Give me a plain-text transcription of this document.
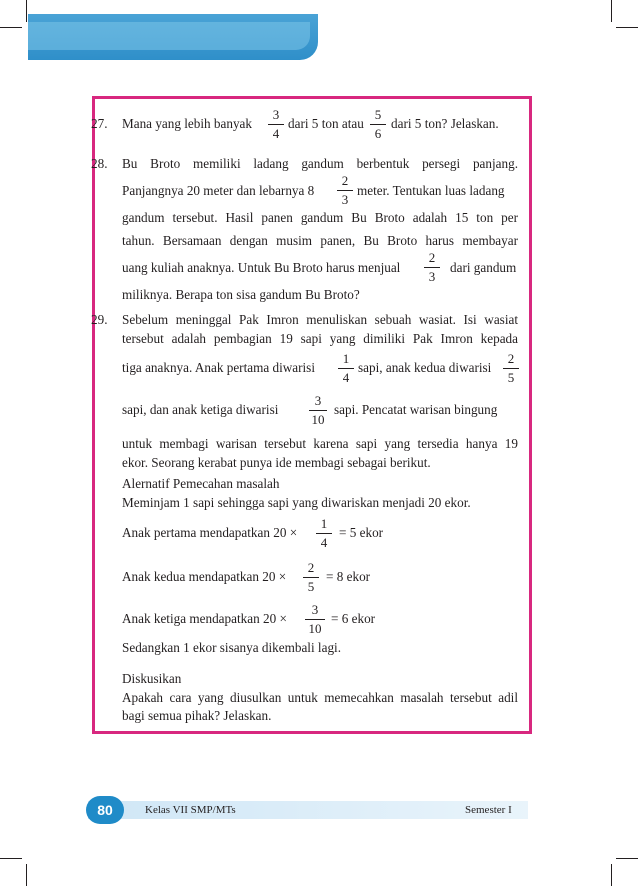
27. Mana yang lebih banyak $\frac{3}{4}$ dari 5 ton atau $\frac{5}{6}$ dari 5 ton? Jelaskan.
28. Bu Broto memiliki ladang gandum berbentuk persegi panjang.
Panjangnya 20 meter dan lebarnya $8 \frac{2}{3}$ meter. Tentukan luas ladang
gandum tersebut. Hasil panen gandum Bu Broto adalah 15 ton per
tahun. Bersamaan dengan musim panen, Bu Broto harus membayar
uang kuliah anaknya. Untuk Bu Broto harus menjual $\frac{2}{3}$ dari gandum
miliknya. Berapa ton sisa gandum Bu Broto?
29. Sebelum meninggal Pak Imron menuliskan sebuah wasiat. Isi wasiat
tersebut adalah pembagian 19 sapi yang dimiliki Pak Imron kepada
tiga anaknya. Anak pertama diwarisi $\frac{1}{4}$ sapi, anak kedua diwarisi $\frac{2}{5}$
sapi, dan anak ketiga diwarisi $\frac{3}{10}$ sapi. Pencatat warisan bingung
untuk membagi warisan tersebut karena sapi yang tersedia hanya 19
ekor. Seorang kerabat punya ide membagi sebagai berikut.
Alernatif Pemecahan masalah
Meminjam 1 sapi sehingga sapi yang diwariskan menjadi 20 ekor.
Anak pertama mendapatkan $20 \times \frac{1}{4} = 5$ ekor
Anak kedua mendapatkan $20 \times \frac{2}{5} = 8$ ekor
Anak ketiga mendapatkan $20 \times \frac{3}{10} = 6$ ekor
Sedangkan 1 ekor sisanya dikembali lagi.
Diskusikan
Apakah cara yang diusulkan untuk memecahkan masalah tersebut adil
bagi semua pihak? Jelaskan.
80	Kelas VII SMP/MTs	Semester I
